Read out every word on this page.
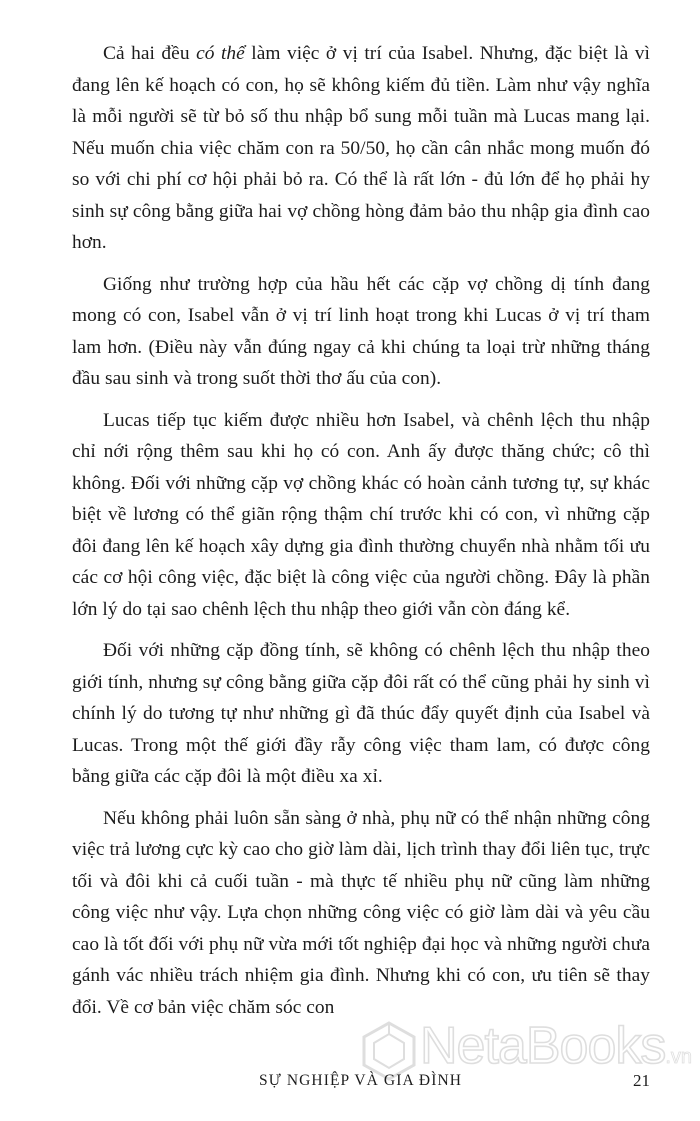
Cả hai đều có thể làm việc ở vị trí của Isabel. Nhưng, đặc biệt là vì đang lên kế hoạch có con, họ sẽ không kiếm đủ tiền. Làm như vậy nghĩa là mỗi người sẽ từ bỏ số thu nhập bổ sung mỗi tuần mà Lucas mang lại. Nếu muốn chia việc chăm con ra 50/50, họ cần cân nhắc mong muốn đó so với chi phí cơ hội phải bỏ ra. Có thể là rất lớn - đủ lớn để họ phải hy sinh sự công bằng giữa hai vợ chồng hòng đảm bảo thu nhập gia đình cao hơn.

Giống như trường hợp của hầu hết các cặp vợ chồng dị tính đang mong có con, Isabel vẫn ở vị trí linh hoạt trong khi Lucas ở vị trí tham lam hơn. (Điều này vẫn đúng ngay cả khi chúng ta loại trừ những tháng đầu sau sinh và trong suốt thời thơ ấu của con).

Lucas tiếp tục kiếm được nhiều hơn Isabel, và chênh lệch thu nhập chỉ nới rộng thêm sau khi họ có con. Anh ấy được thăng chức; cô thì không. Đối với những cặp vợ chồng khác có hoàn cảnh tương tự, sự khác biệt về lương có thể giãn rộng thậm chí trước khi có con, vì những cặp đôi đang lên kế hoạch xây dựng gia đình thường chuyển nhà nhằm tối ưu các cơ hội công việc, đặc biệt là công việc của người chồng. Đây là phần lớn lý do tại sao chênh lệch thu nhập theo giới vẫn còn đáng kể.

Đối với những cặp đồng tính, sẽ không có chênh lệch thu nhập theo giới tính, nhưng sự công bằng giữa cặp đôi rất có thể cũng phải hy sinh vì chính lý do tương tự như những gì đã thúc đẩy quyết định của Isabel và Lucas. Trong một thế giới đầy rẫy công việc tham lam, có được công bằng giữa các cặp đôi là một điều xa xỉ.

Nếu không phải luôn sẵn sàng ở nhà, phụ nữ có thể nhận những công việc trả lương cực kỳ cao cho giờ làm dài, lịch trình thay đổi liên tục, trực tối và đôi khi cả cuối tuần - mà thực tế nhiều phụ nữ cũng làm những công việc như vậy. Lựa chọn những công việc có giờ làm dài và yêu cầu cao là tốt đối với phụ nữ vừa mới tốt nghiệp đại học và những người chưa gánh vác nhiều trách nhiệm gia đình. Nhưng khi có con, ưu tiên sẽ thay đổi. Về cơ bản việc chăm sóc con

NetaBooks.vn
SỰ NGHIỆP VÀ GIA ĐÌNH	21
